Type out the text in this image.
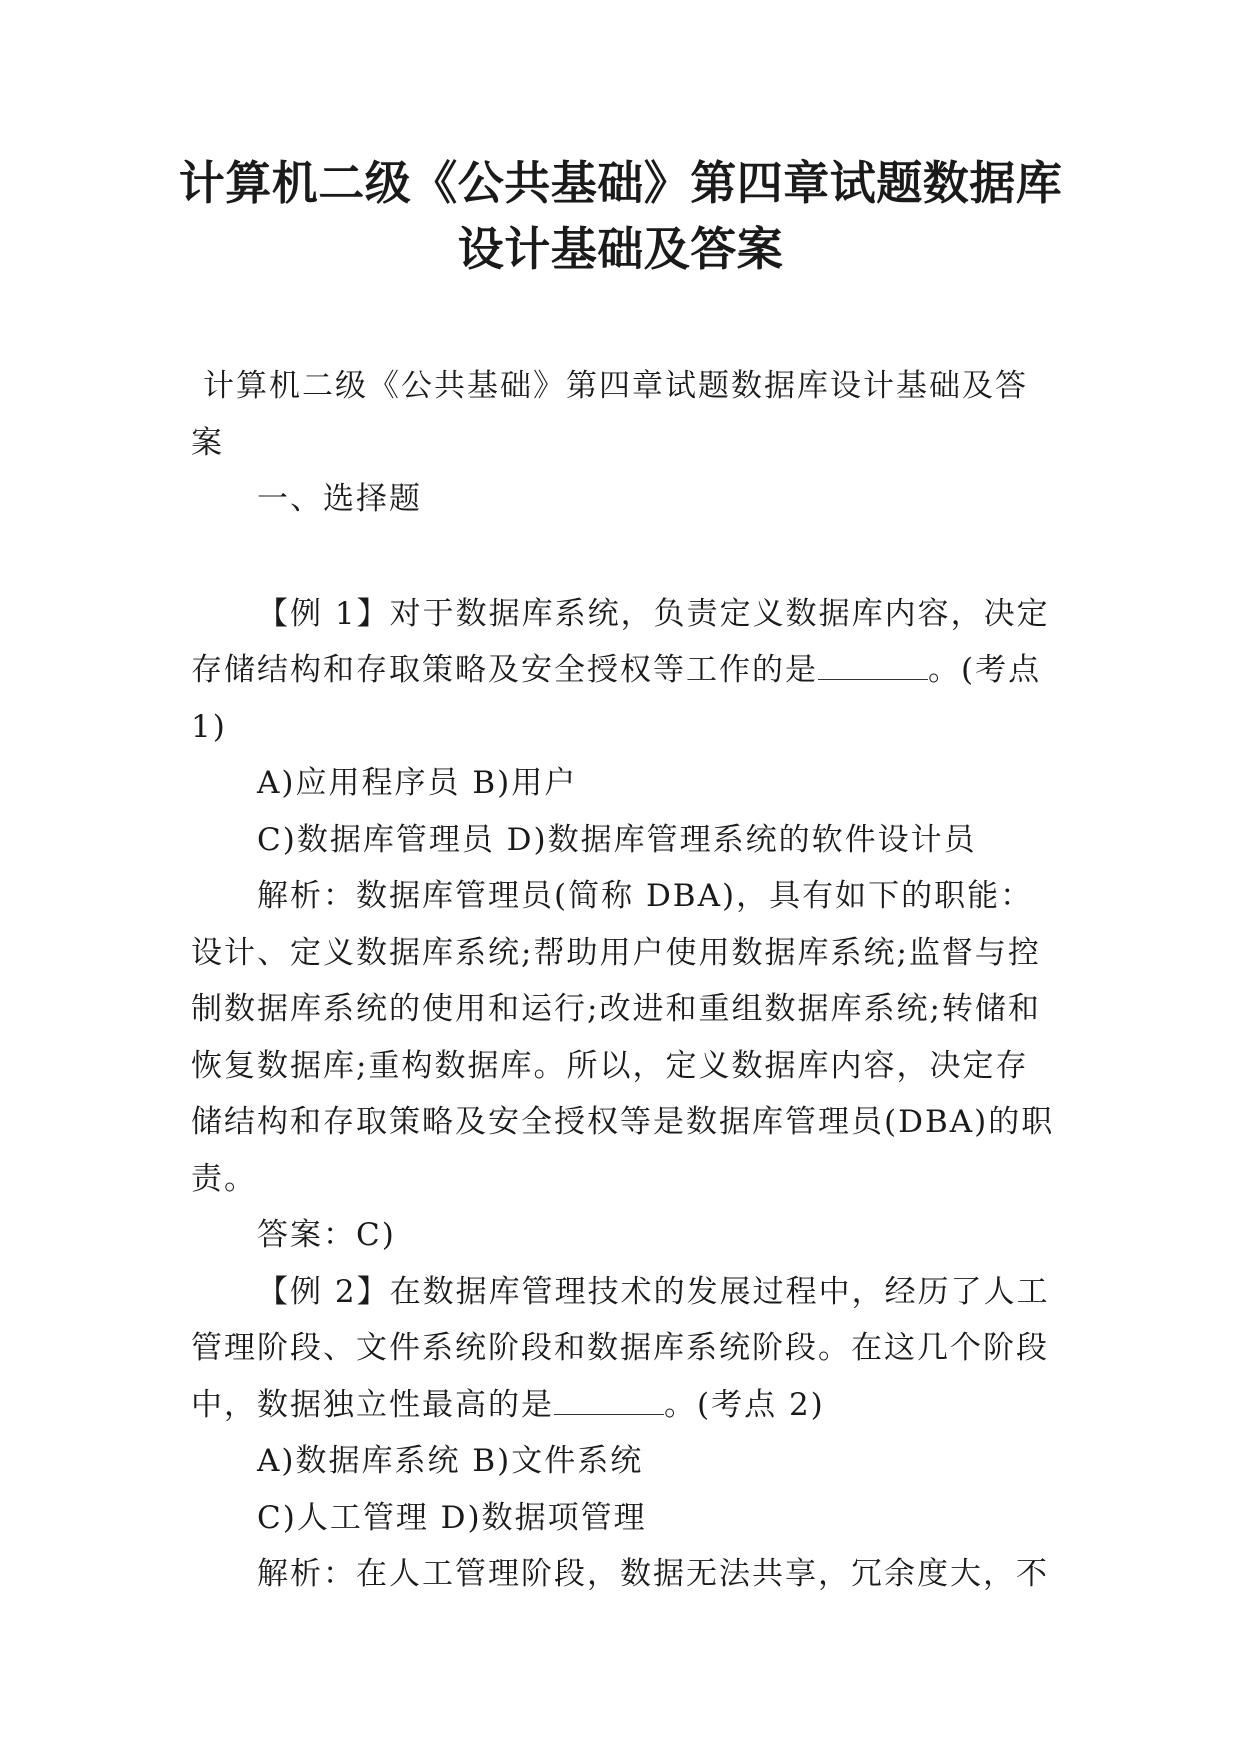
计算机二级《公共基础》第四章试题数据库
设计基础及答案

计算机二级《公共基础》第四章试题数据库设计基础及答案

一、选择题

【例 1】对于数据库系统，负责定义数据库内容，决定存储结构和存取策略及安全授权等工作的是	。(考点 1)

A)应用程序员 B)用户

C)数据库管理员 D)数据库管理系统的软件设计员

解析：数据库管理员(简称 DBA)，具有如下的职能：设计、定义数据库系统;帮助用户使用数据库系统;监督与控制数据库系统的使用和运行;改进和重组数据库系统;转储和恢复数据库;重构数据库。所以，定义数据库内容，决定存储结构和存取策略及安全授权等是数据库管理员(DBA)的职责。

答案：C)

【例 2】在数据库管理技术的发展过程中，经历了人工管理阶段、文件系统阶段和数据库系统阶段。在这几个阶段中，数据独立性最高的是	。(考点 2)

A)数据库系统 B)文件系统

C)人工管理 D)数据项管理

解析：在人工管理阶段，数据无法共享，冗余度大，不
